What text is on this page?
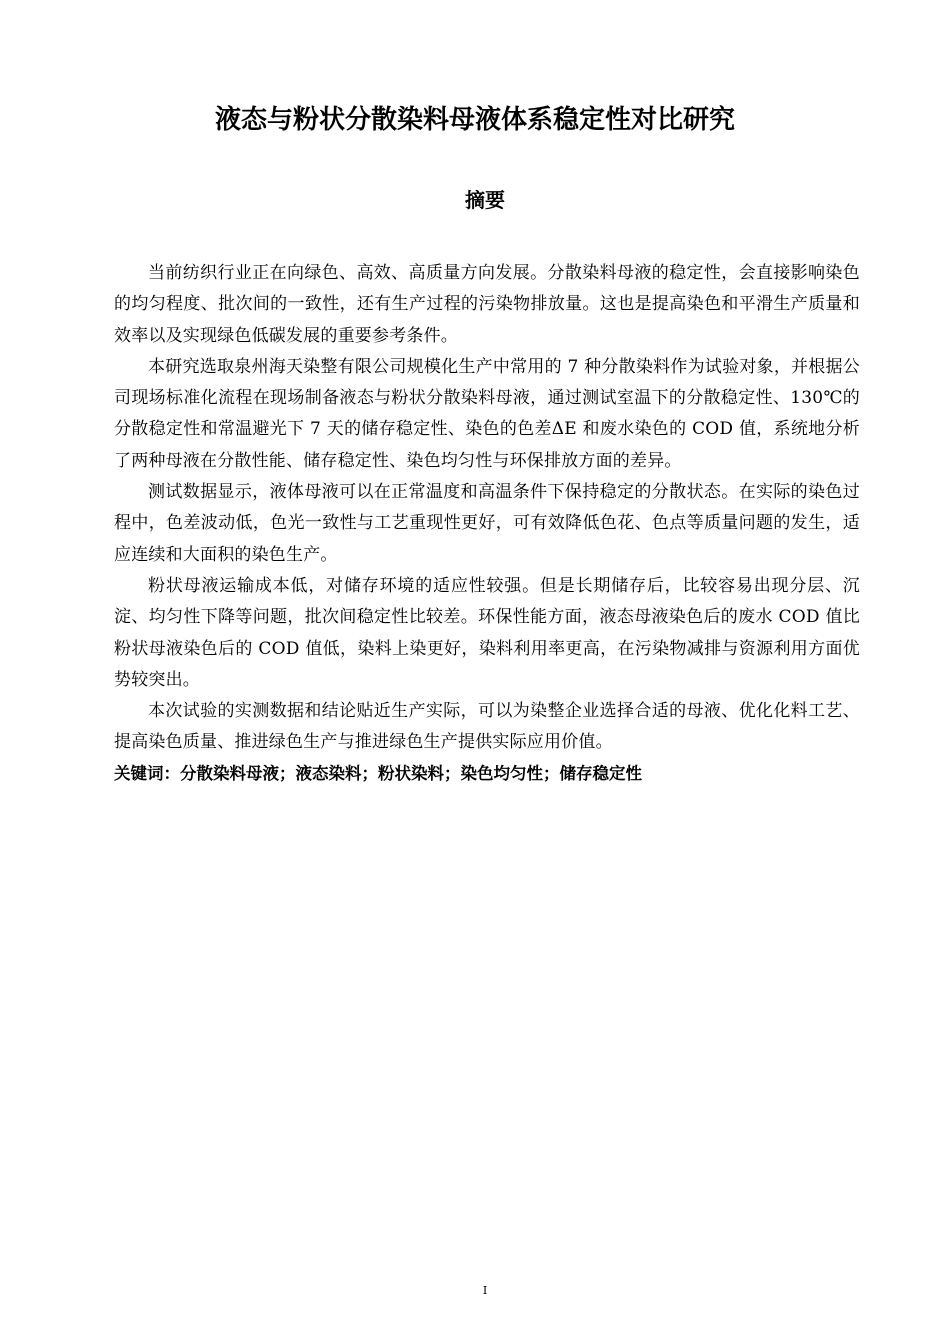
液态与粉状分散染料母液体系稳定性对比研究
摘要

当前纺织行业正在向绿色、高效、高质量方向发展。分散染料母液的稳定性，会直接影响染色的均匀程度、批次间的一致性，还有生产过程的污染物排放量。这也是提高染色和平滑生产质量和效率以及实现绿色低碳发展的重要参考条件。

本研究选取泉州海天染整有限公司规模化生产中常用的 7 种分散染料作为试验对象，并根据公司现场标准化流程在现场制备液态与粉状分散染料母液，通过测试室温下的分散稳定性、130℃的分散稳定性和常温避光下 7 天的储存稳定性、染色的色差ΔE 和废水染色的 COD 值，系统地分析了两种母液在分散性能、储存稳定性、染色均匀性与环保排放方面的差异。

测试数据显示，液体母液可以在正常温度和高温条件下保持稳定的分散状态。在实际的染色过程中，色差波动低，色光一致性与工艺重现性更好，可有效降低色花、色点等质量问题的发生，适应连续和大面积的染色生产。

粉状母液运输成本低，对储存环境的适应性较强。但是长期储存后，比较容易出现分层、沉淀、均匀性下降等问题，批次间稳定性比较差。环保性能方面，液态母液染色后的废水 COD 值比粉状母液染色后的 COD 值低，染料上染更好，染料利用率更高，在污染物减排与资源利用方面优势较突出。

本次试验的实测数据和结论贴近生产实际，可以为染整企业选择合适的母液、优化化料工艺、提高染色质量、推进绿色生产与推进绿色生产提供实际应用价值。

关键词：分散染料母液；液态染料；粉状染料；染色均匀性；储存稳定性

I
